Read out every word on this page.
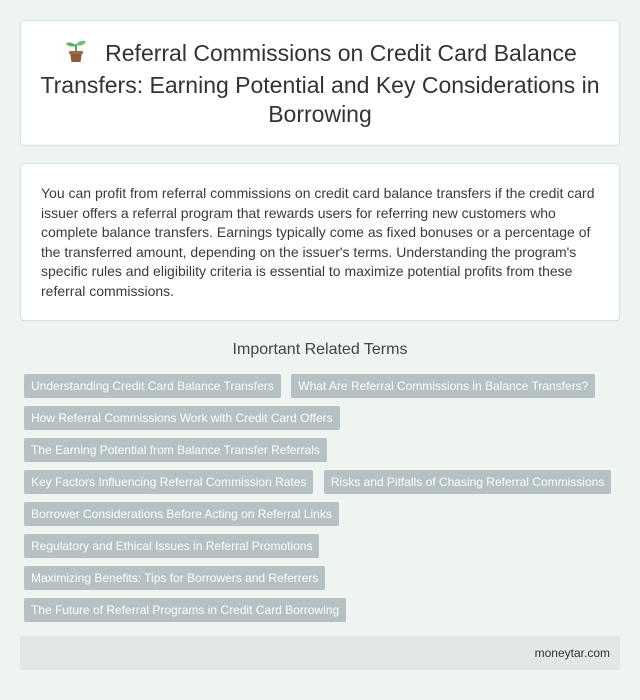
Referral Commissions on Credit Card Balance Transfers: Earning Potential and Key Considerations in Borrowing

You can profit from referral commissions on credit card balance transfers if the credit card issuer offers a referral program that rewards users for referring new customers who complete balance transfers. Earnings typically come as fixed bonuses or a percentage of the transferred amount, depending on the issuer's terms. Understanding the program's specific rules and eligibility criteria is essential to maximize potential profits from these referral commissions.

Important Related Terms
Understanding Credit Card Balance Transfers What Are Referral Commissions in Balance Transfers?
How Referral Commissions Work with Credit Card Offers
The Earning Potential from Balance Transfer Referrals
Key Factors Influencing Referral Commission Rates Risks and Pitfalls of Chasing Referral Commissions
Borrower Considerations Before Acting on Referral Links
Regulatory and Ethical Issues in Referral Promotions
Maximizing Benefits: Tips for Borrowers and Referrers
The Future of Referral Programs in Credit Card Borrowing
moneytar.com
